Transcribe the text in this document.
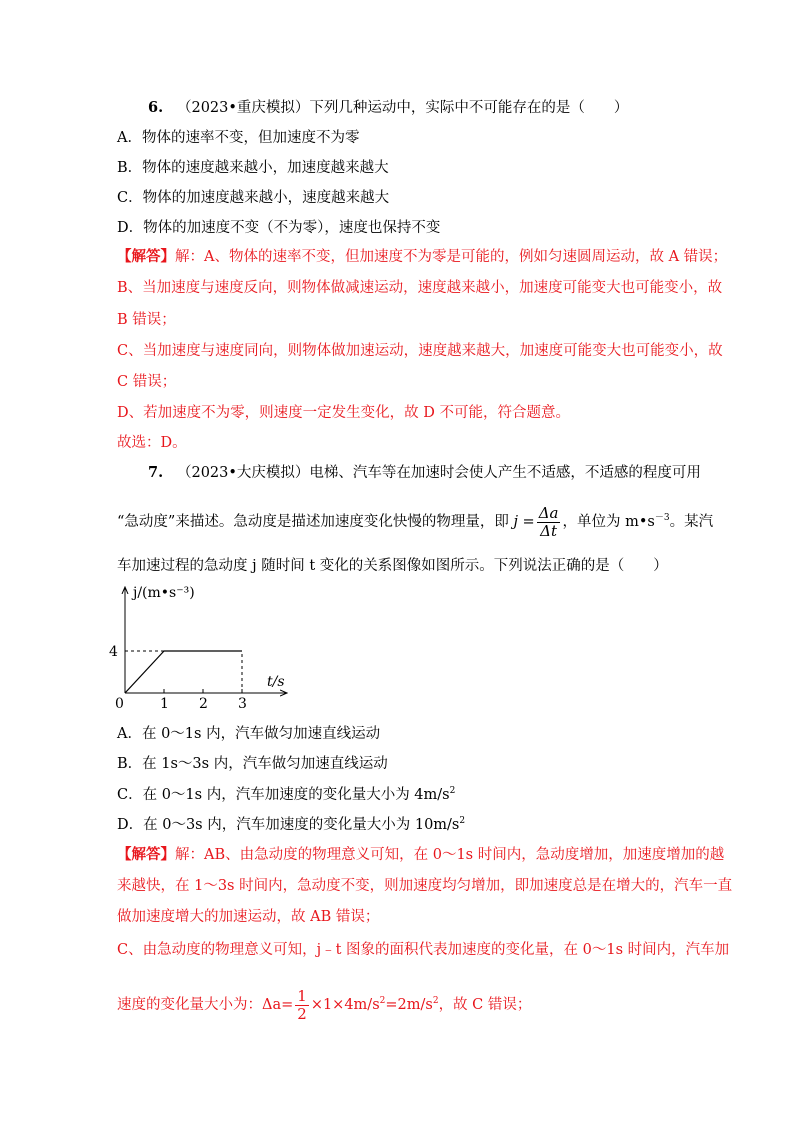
6. （2023•重庆模拟）下列几种运动中，实际中不可能存在的是（　　）
A．物体的速率不变，但加速度不为零
B．物体的速度越来越小，加速度越来越大
C．物体的加速度越来越小，速度越来越大
D．物体的加速度不变（不为零），速度也保持不变
【解答】解：A、物体的速率不变，但加速度不为零是可能的，例如匀速圆周运动，故 A 错误；
B、当加速度与速度反向，则物体做减速运动，速度越来越小，加速度可能变大也可能变小，故
B 错误；
C、当加速度与速度同向，则物体做加速运动，速度越来越大，加速度可能变大也可能变小，故
C 错误；
D、若加速度不为零，则速度一定发生变化，故 D 不可能，符合题意。
故选：D。
7. （2023•大庆模拟）电梯、汽车等在加速时会使人产生不适感，不适感的程度可用
“急动度”来描述。急动度是描述加速度变化快慢的物理量，即 $j = \frac{\Delta a}{\Delta t}$ ，单位为 $m•s^{-3}$。某汽
车加速过程的急动度 j 随时间 t 变化的关系图像如图所示。下列说法正确的是（　　）
j/(m•s⁻³)
t/s
0	1 2 3
4
A．在 0～1s 内，汽车做匀加速直线运动
B．在 1s～3s 内，汽车做匀加速直线运动
C．在 0～1s 内，汽车加速度的变化量大小为 $4m/s^2$
D．在 0～3s 内，汽车加速度的变化量大小为 $10m/s^2$
【解答】解：AB、由急动度的物理意义可知，在 0～1s 时间内，急动度增加，加速度增加的越
来越快，在 1～3s 时间内，急动度不变，则加速度均匀增加，即加速度总是在增大的，汽车一直
做加速度增大的加速运动，故 AB 错误；
C、由急动度的物理意义可知，j﹣t 图象的面积代表加速度的变化量，在 0～1s 时间内，汽车加
速度的变化量大小为：$\Delta a= \frac{1}{2} \times 1\times 4m/s^2=2m/s^2$，故 C 错误；
